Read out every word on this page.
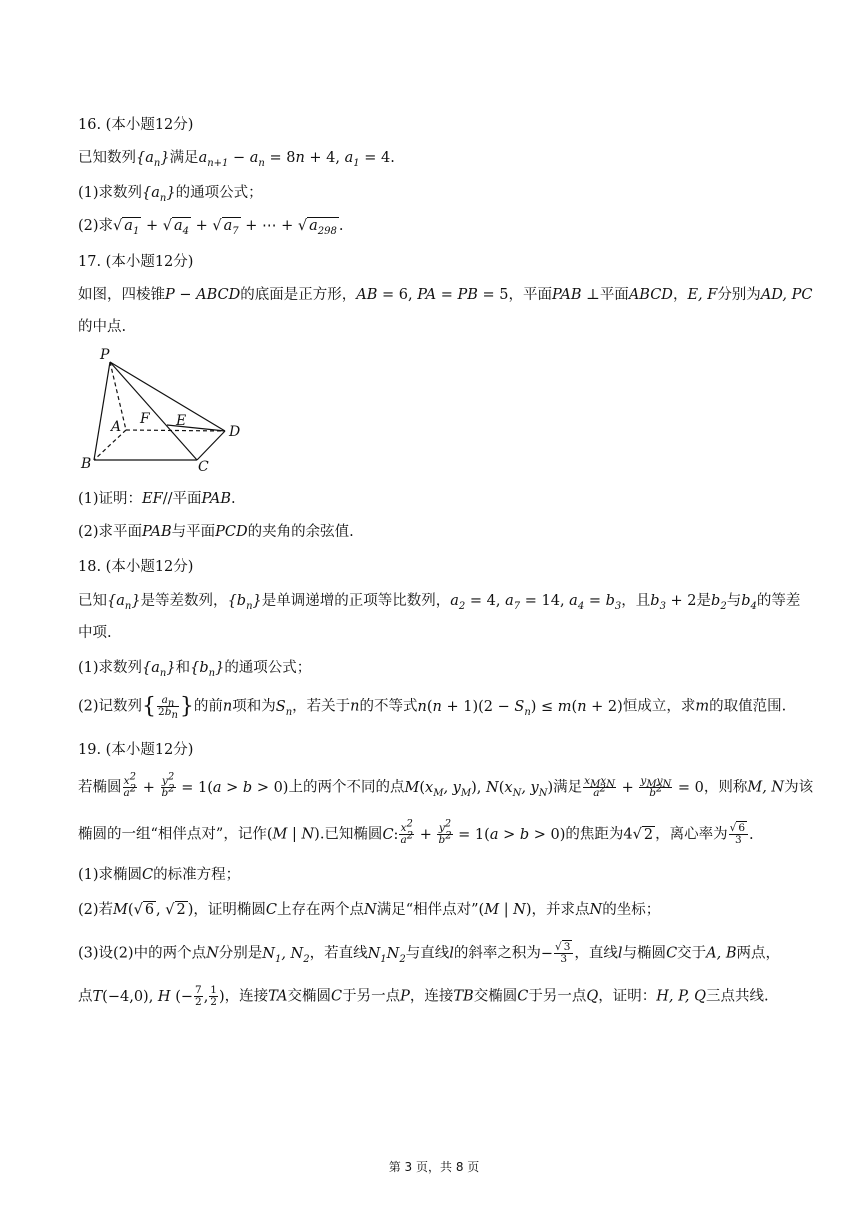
16. (本小题12分)
已知数列$\{a_n\}$满足$a_{n+1} - a_n = 8n + 4$, $a_1 = 4$.
(1)求数列$\{a_n\}$的通项公式；
(2)求√ $a_1$ + √ $a_4$ + √ $a_7$ + ⋯ + √ $a_{298}$ .
17. (本小题12分)
如图，四棱锥P − ABCD的底面是正方形，AB = 6, PA = PB = 5，平面PAB ⊥平面ABCD，E, F分别为AD, PC
的中点.
P
A F E
D
B	C
(1)证明：EF//平面PAB.
(2)求平面PAB与平面PCD的夹角的余弦值.
18. (本小题12分)
已知$\{a_n\}$是等差数列，$\{b_n\}$是单调递增的正项等比数列，$a_2 = 4$, $a_7 = 14$, $a_4 = b_3$，且$b_3 + 2$是$b_2$与$b_4$的等差
中项.
(1)求数列$\{a_n\}$和$\{b_n\}$的通项公式；
(2)记数列{ $\frac{a_n}{2b_n}$ }的前n项和为$S_n$，若关于n的不等式$n(n + 1)(2 - S_n) \le m(n + 2)$恒成立，求m的取值范围.
19. (本小题12分)
若椭圆 $\frac{x^2}{a^2} + \frac{y^2}{b^2} = 1(a > b > 0)$上的两个不同的点$M(x_M$, $y_M$), $N(x_N$, $y_N$)满足 $\frac{x_Mx_N}{a^2} + \frac{y_My_N}{b^2} = 0$，则称M, N为该
椭圆的一组“相伴点对”，记作(M | N).已知椭圆C: $\frac{x^2}{a^2} + \frac{y^2}{b^2} = 1(a > b > 0)$的焦距为4√ 2 ，离心率为 $\frac{√ 6}{3}$ .
(1)求椭圆C的标准方程；
(2)若M(√ 6 , √ 2 )，证明椭圆C上存在两个点N满足“相伴点对”(M | N)，并求点N的坐标；
(3)设(2)中的两个点N分别是$N_1$, $N_2$，若直线$N_1N_2$与直线l的斜率之积为− $\frac{√ 3}{3}$ ，直线l与椭圆C交于A, B两点，
点T(−4,0), H (− $\frac{7}{2}$ , $\frac{1}{2}$ )，连接TA交椭圆C于另一点P，连接TB交椭圆C于另一点Q，证明：H, P, Q三点共线.
第 3 页，共 8 页
